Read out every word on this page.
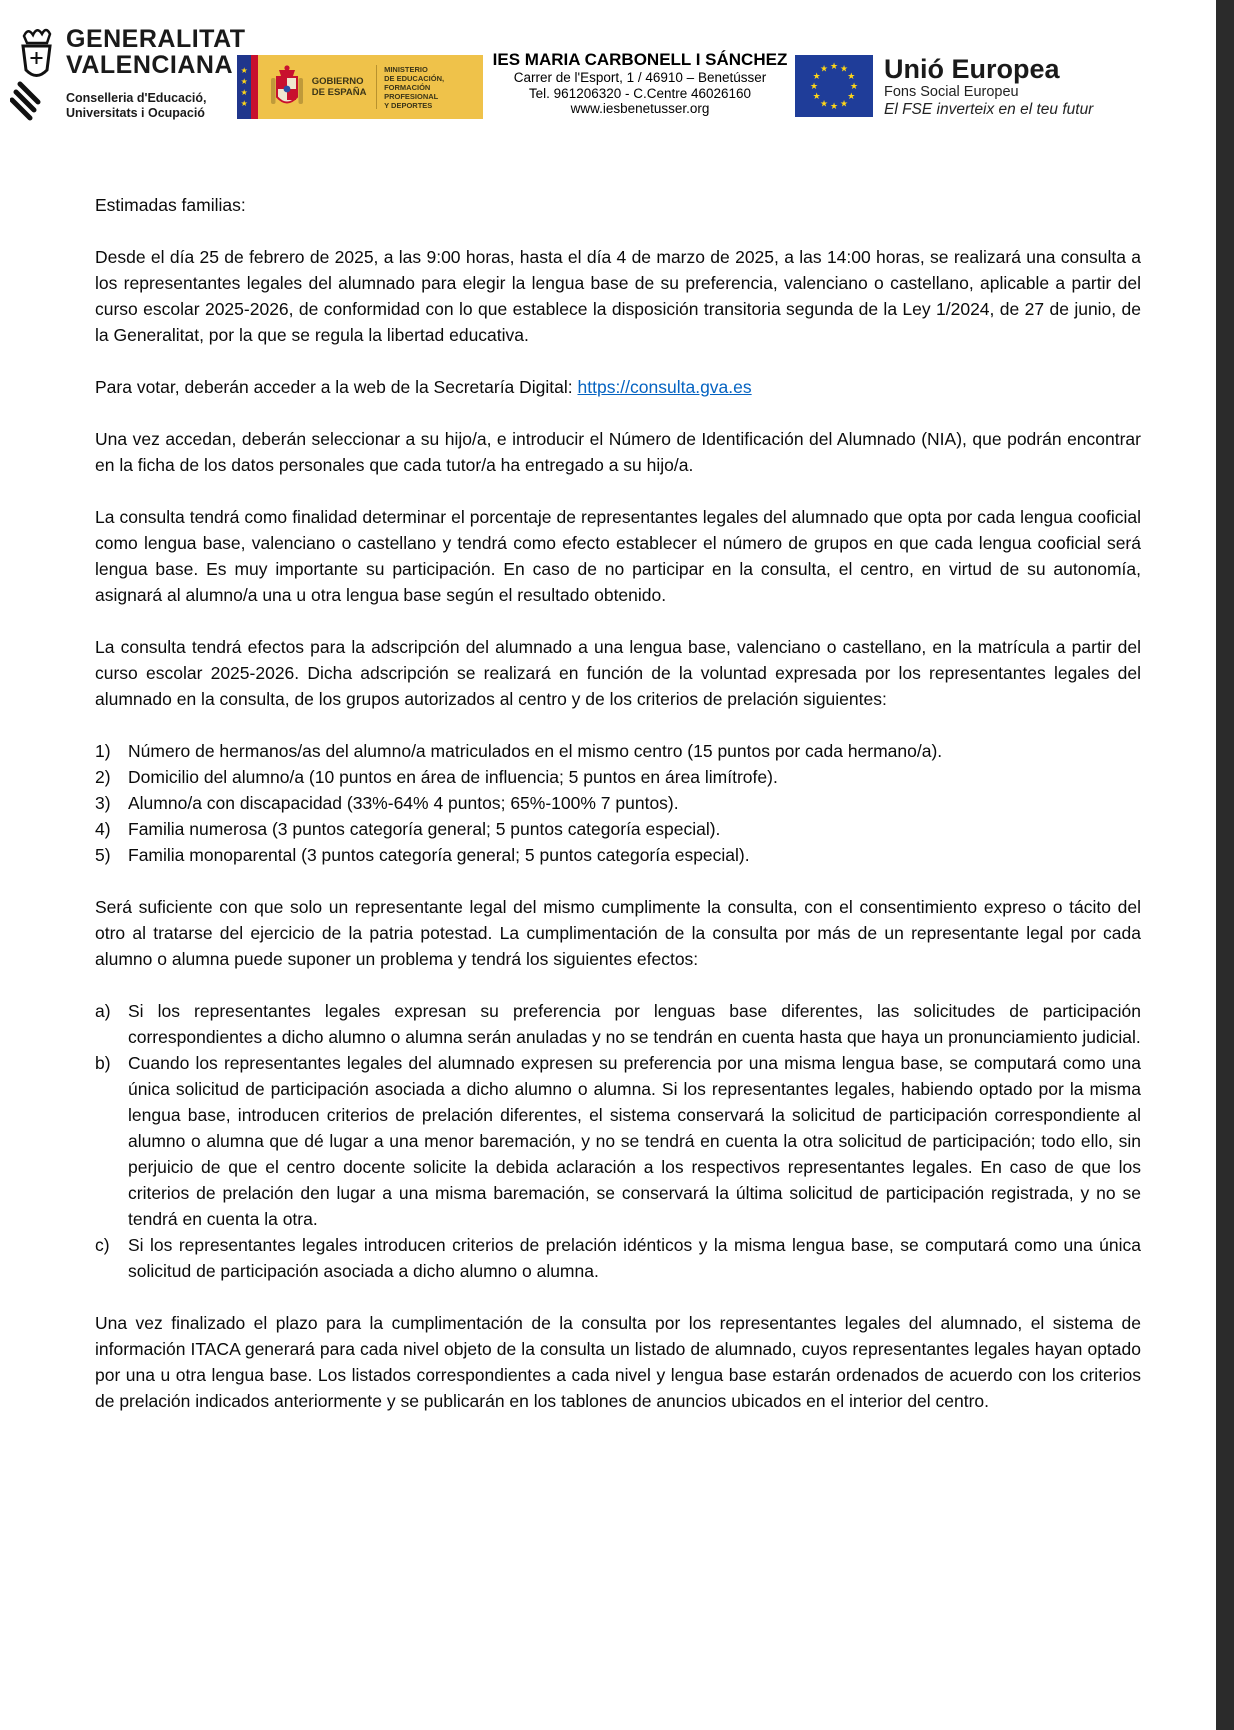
GENERALITAT
VALENCIANA
Conselleria d'Educació,
Universitats i Ocupació
★
★
★
★
GOBIERNO
DE ESPAÑA
MINISTERIO
DE EDUCACIÓN, FORMACIÓN PROFESIONAL
Y DEPORTES
IES MARIA CARBONELL I SÁNCHEZ
Carrer de l'Esport, 1 / 46910 – Benetússer
Tel. 961206320 - C.Centre 46026160
www.iesbenetusser.org
★ ★
★
★
★
★
★
★
★
★
★
★ Unió Europea
Fons Social Europeu
El FSE inverteix en el teu futur

Estimadas familias:

Desde el día 25 de febrero de 2025, a las 9:00 horas, hasta el día 4 de marzo de 2025, a las 14:00 horas, se realizará una consulta a los representantes legales del alumnado para elegir la lengua base de su preferencia, valenciano o castellano, aplicable a partir del curso escolar 2025-2026, de conformidad con lo que establece la disposición transitoria segunda de la Ley 1/2024, de 27 de junio, de la Generalitat, por la que se regula la libertad educativa.

Para votar, deberán acceder a la web de la Secretaría Digital: https://consulta.gva.es

Una vez accedan, deberán seleccionar a su hijo/a, e introducir el Número de Identificación del Alumnado (NIA), que podrán encontrar en la ficha de los datos personales que cada tutor/a ha entregado a su hijo/a.

La consulta tendrá como finalidad determinar el porcentaje de representantes legales del alumnado que opta por cada lengua cooficial como lengua base, valenciano o castellano y tendrá como efecto establecer el número de grupos en que cada lengua cooficial será lengua base. Es muy importante su participación. En caso de no participar en la consulta, el centro, en virtud de su autonomía, asignará al alumno/a una u otra lengua base según el resultado obtenido.

La consulta tendrá efectos para la adscripción del alumnado a una lengua base, valenciano o castellano, en la matrícula a partir del curso escolar 2025-2026. Dicha adscripción se realizará en función de la voluntad expresada por los representantes legales del alumnado en la consulta, de los grupos autorizados al centro y de los criterios de prelación siguientes:

1) Número de hermanos/as del alumno/a matriculados en el mismo centro (15 puntos por cada hermano/a).
2) Domicilio del alumno/a (10 puntos en área de influencia; 5 puntos en área limítrofe).
3) Alumno/a con discapacidad (33%-64% 4 puntos; 65%-100% 7 puntos).
4) Familia numerosa (3 puntos categoría general; 5 puntos categoría especial).
5) Familia monoparental (3 puntos categoría general; 5 puntos categoría especial).

Será suficiente con que solo un representante legal del mismo cumplimente la consulta, con el consentimiento expreso o tácito del otro al tratarse del ejercicio de la patria potestad. La cumplimentación de la consulta por más de un representante legal por cada alumno o alumna puede suponer un problema y tendrá los siguientes efectos:

a) Si los representantes legales expresan su preferencia por lenguas base diferentes, las solicitudes de participación correspondientes a dicho alumno o alumna serán anuladas y no se tendrán en cuenta hasta que haya un pronunciamiento judicial.
b) Cuando los representantes legales del alumnado expresen su preferencia por una misma lengua base, se computará como una única solicitud de participación asociada a dicho alumno o alumna. Si los representantes legales, habiendo optado por la misma lengua base, introducen criterios de prelación diferentes, el sistema conservará la solicitud de participación correspondiente al alumno o alumna que dé lugar a una menor baremación, y no se tendrá en cuenta la otra solicitud de participación; todo ello, sin perjuicio de que el centro docente solicite la debida aclaración a los respectivos representantes legales. En caso de que los criterios de prelación den lugar a una misma baremación, se conservará la última solicitud de participación registrada, y no se tendrá en cuenta la otra.
c)	Si los representantes legales introducen criterios de prelación idénticos y la misma lengua base, se computará como una única solicitud de participación asociada a dicho alumno o alumna.

Una vez finalizado el plazo para la cumplimentación de la consulta por los representantes legales del alumnado, el sistema de información ITACA generará para cada nivel objeto de la consulta un listado de alumnado, cuyos representantes legales hayan optado por una u otra lengua base. Los listados correspondientes a cada nivel y lengua base estarán ordenados de acuerdo con los criterios de prelación indicados anteriormente y se publicarán en los tablones de anuncios ubicados en el interior del centro.
